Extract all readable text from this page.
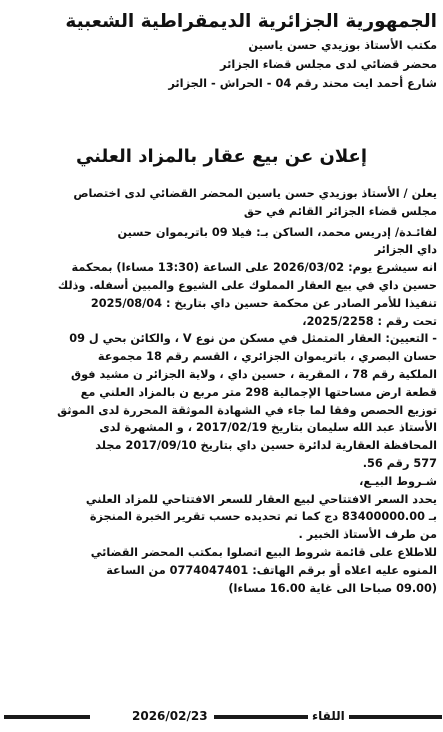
الجمهورية الجزائرية الديمقراطية الشعبية
مكتب الأستاذ بوزيدي حسن ياسين
محضر قضائي لدى مجلس قضاء الجزائر
شارع أحمد ايت محند رقم 04 - الحراش - الجزائر
إعلان عن بيع عقار بالمزاد العلني
يعلن / الأستاذ بوزيدي حسن ياسين المحضر القضائي لدى اختصاص
مجلس قضاء الجزائر القائم في حق
لفائـدة/ إدريس محمد، الساكن بـ: فيلا 09 باتريموان حسين
داي الجزائر
انه سيشرع يوم: 2026/03/02 على الساعة (13:30 مساءا) بمحكمة
حسين داي في بيع العقار المملوك على الشيوع والمبين أسفله. وذلك
تنفيذا للأمر الصادر عن محكمة حسين داي بتاريخ : 2025/08/04
تحت رقم : 2025/2258،
- التعيين: العقار المتمثل في مسكن من نوع V ، والكائن بحي ل 09
حسان البصري ، باتريموان الجزائري ، القسم رقم 18 مجموعة
الملكية رقم 78 ، المقرية ، حسين داي ، ولاية الجزائر ن مشيد فوق
قطعة ارض مساحتها الإجمالية 298 متر مربع ن بالمزاد العلني مع
توزيع الحصص وفقا لما جاء في الشهادة الموثقة المحررة لدى الموثق
الأستاذ عبد الله سليمان بتاريخ 2017/02/19 ، و المشهرة لدى
المحافظة العقارية لدائرة حسين داي بتاريخ 2017/09/10 مجلد
577 رقم 56.
شـروط البيـع،
يحدد السعر الافتتاحي لبيع العقار للسعر الافتتاحي للمزاد العلني
بـ 83400000.00 دج كما تم تحديده حسب تقرير الخبرة المنجزة
من طرف الأستاذ الخبير .
للاطلاع على قائمة شروط البيع اتصلوا بمكتب المحضر القضائي
المنوه عليه اعلاه أو برقم الهاتف: 0774047401 من الساعة
(09.00 صباحا الى غاية 16.00 مساءا)
2026/02/23	اللقاء
